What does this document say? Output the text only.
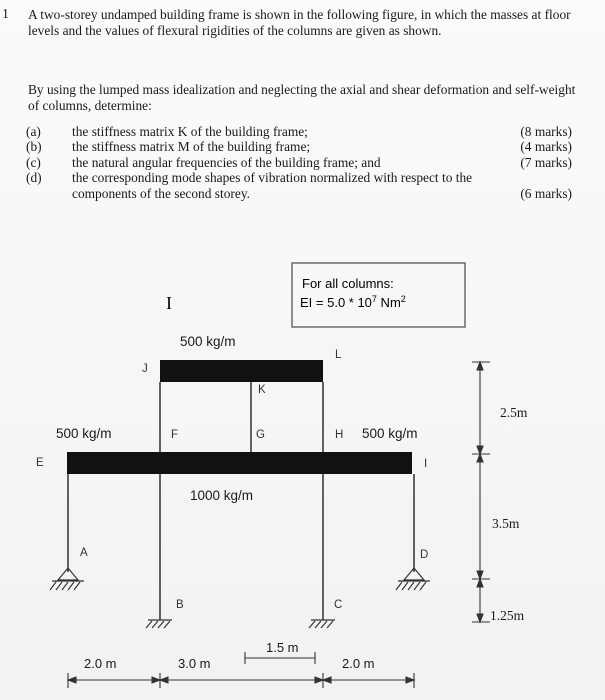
1 A two-storey undamped building frame is shown in the following figure, in which the masses at floor levels and the values of flexural rigidities of the columns are given as shown.
By using the lumped mass idealization and neglecting the axial and shear deformation and self-weight of columns, determine:
(a)	the stiffness matrix K of the building frame;	(8 marks)
(b)	the stiffness matrix M of the building frame;	(4 marks)
(c)	the natural angular frequencies of the building frame; and	(7 marks)
(d)	the corresponding mode shapes of vibration normalized with respect to the
components of the second storey.	(6 marks)
For all columns:
EI = $5.0 * 10^7$ Nm$^2$
I
500 kg/m
500 kg/m	500 kg/m
1000 kg/m
A
B	C
D
E
F	G	H
I
J
K
L
2.0 m	3.0 m
1.5 m
2.0 m
2.5m
3.5m
1.25m
